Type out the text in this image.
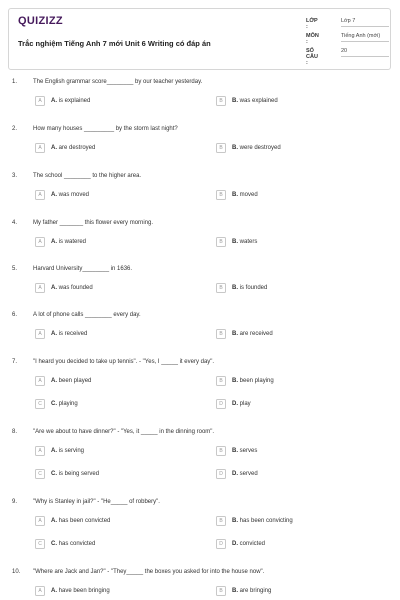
QUIZIZZ
Trắc nghiệm Tiếng Anh 7 mới Unit 6 Writing có đáp án
LỚP :
Lớp 7
MÔN :
Tiếng Anh (mới)
SỐ CÂU :
20
1.	The English grammar score________ by our teacher yesterday.
A	A. is explained	B	B. was explained
2.	How many houses _________ by the storm last night?
A	A. are destroyed	B	B. were destroyed
3.	The school ________ to the higher area.
A	A. was moved	B	B. moved
4.	My father _______ this flower every morning.
A	A. is watered	B	B. waters
5.	Harvard University________ in 1636.
A	A. was founded	B	B. is founded
6.	A lot of phone calls ________ every day.
A	A. is received	B	B. are received
7.	"I heard you decided to take up tennis". - "Yes, I _____ it every day".
A	A. been played	B	B. been playing
C	C. playing	D	D. play
8.	"Are we about to have dinner?" - "Yes, it _____ in the dinning room".
A	A. is serving	B	B. serves
C	C. is being served	D	D. served
9.	"Why is Stanley in jail?" - "He_____ of robbery".
A	A. has been convicted	B	B. has been convicting
C	C. has convicted	D	D. convicted
10. "Where are Jack and Jan?" - "They_____ the boxes you asked for into the house now".
A	A. have been bringing	B	B. are bringing
